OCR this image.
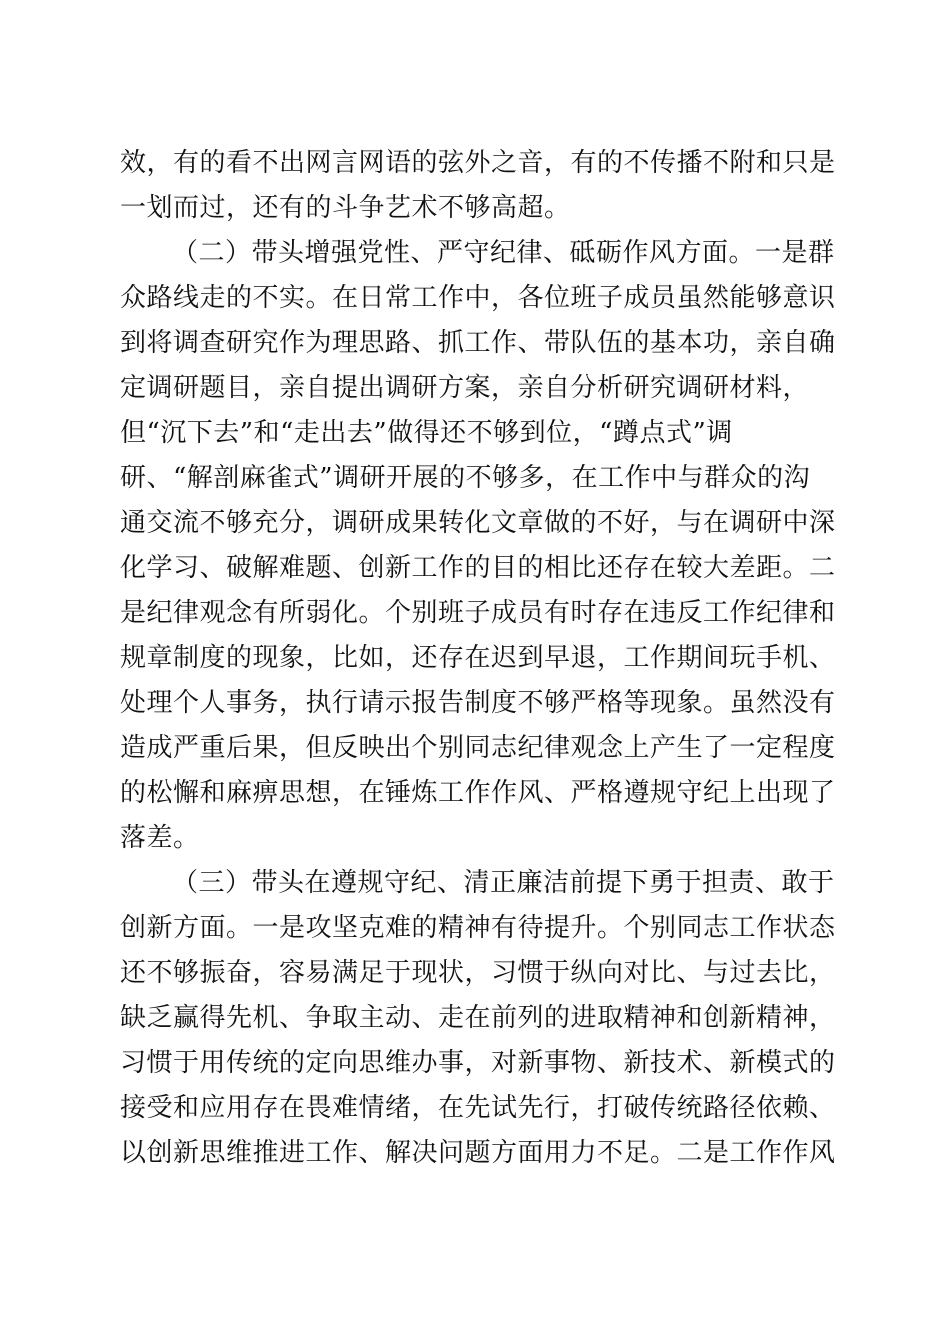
效，有的看不出网言网语的弦外之音，有的不传播不附和只是
一划而过，还有的斗争艺术不够高超。
（二）带头增强党性、严守纪律、砥砺作风方面。一是群
众路线走的不实。在日常工作中，各位班子成员虽然能够意识
到将调查研究作为理思路、抓工作、带队伍的基本功，亲自确
定调研题目，亲自提出调研方案，亲自分析研究调研材料，
但“沉下去”和“走出去”做得还不够到位，“蹲点式”调
研、“解剖麻雀式”调研开展的不够多，在工作中与群众的沟
通交流不够充分，调研成果转化文章做的不好，与在调研中深
化学习、破解难题、创新工作的目的相比还存在较大差距。二
是纪律观念有所弱化。个别班子成员有时存在违反工作纪律和
规章制度的现象，比如，还存在迟到早退，工作期间玩手机、
处理个人事务，执行请示报告制度不够严格等现象。虽然没有
造成严重后果，但反映出个别同志纪律观念上产生了一定程度
的松懈和麻痹思想，在锤炼工作作风、严格遵规守纪上出现了
落差。
（三）带头在遵规守纪、清正廉洁前提下勇于担责、敢于
创新方面。一是攻坚克难的精神有待提升。个别同志工作状态
还不够振奋，容易满足于现状，习惯于纵向对比、与过去比，
缺乏赢得先机、争取主动、走在前列的进取精神和创新精神，
习惯于用传统的定向思维办事，对新事物、新技术、新模式的
接受和应用存在畏难情绪，在先试先行，打破传统路径依赖、
以创新思维推进工作、解决问题方面用力不足。二是工作作风
